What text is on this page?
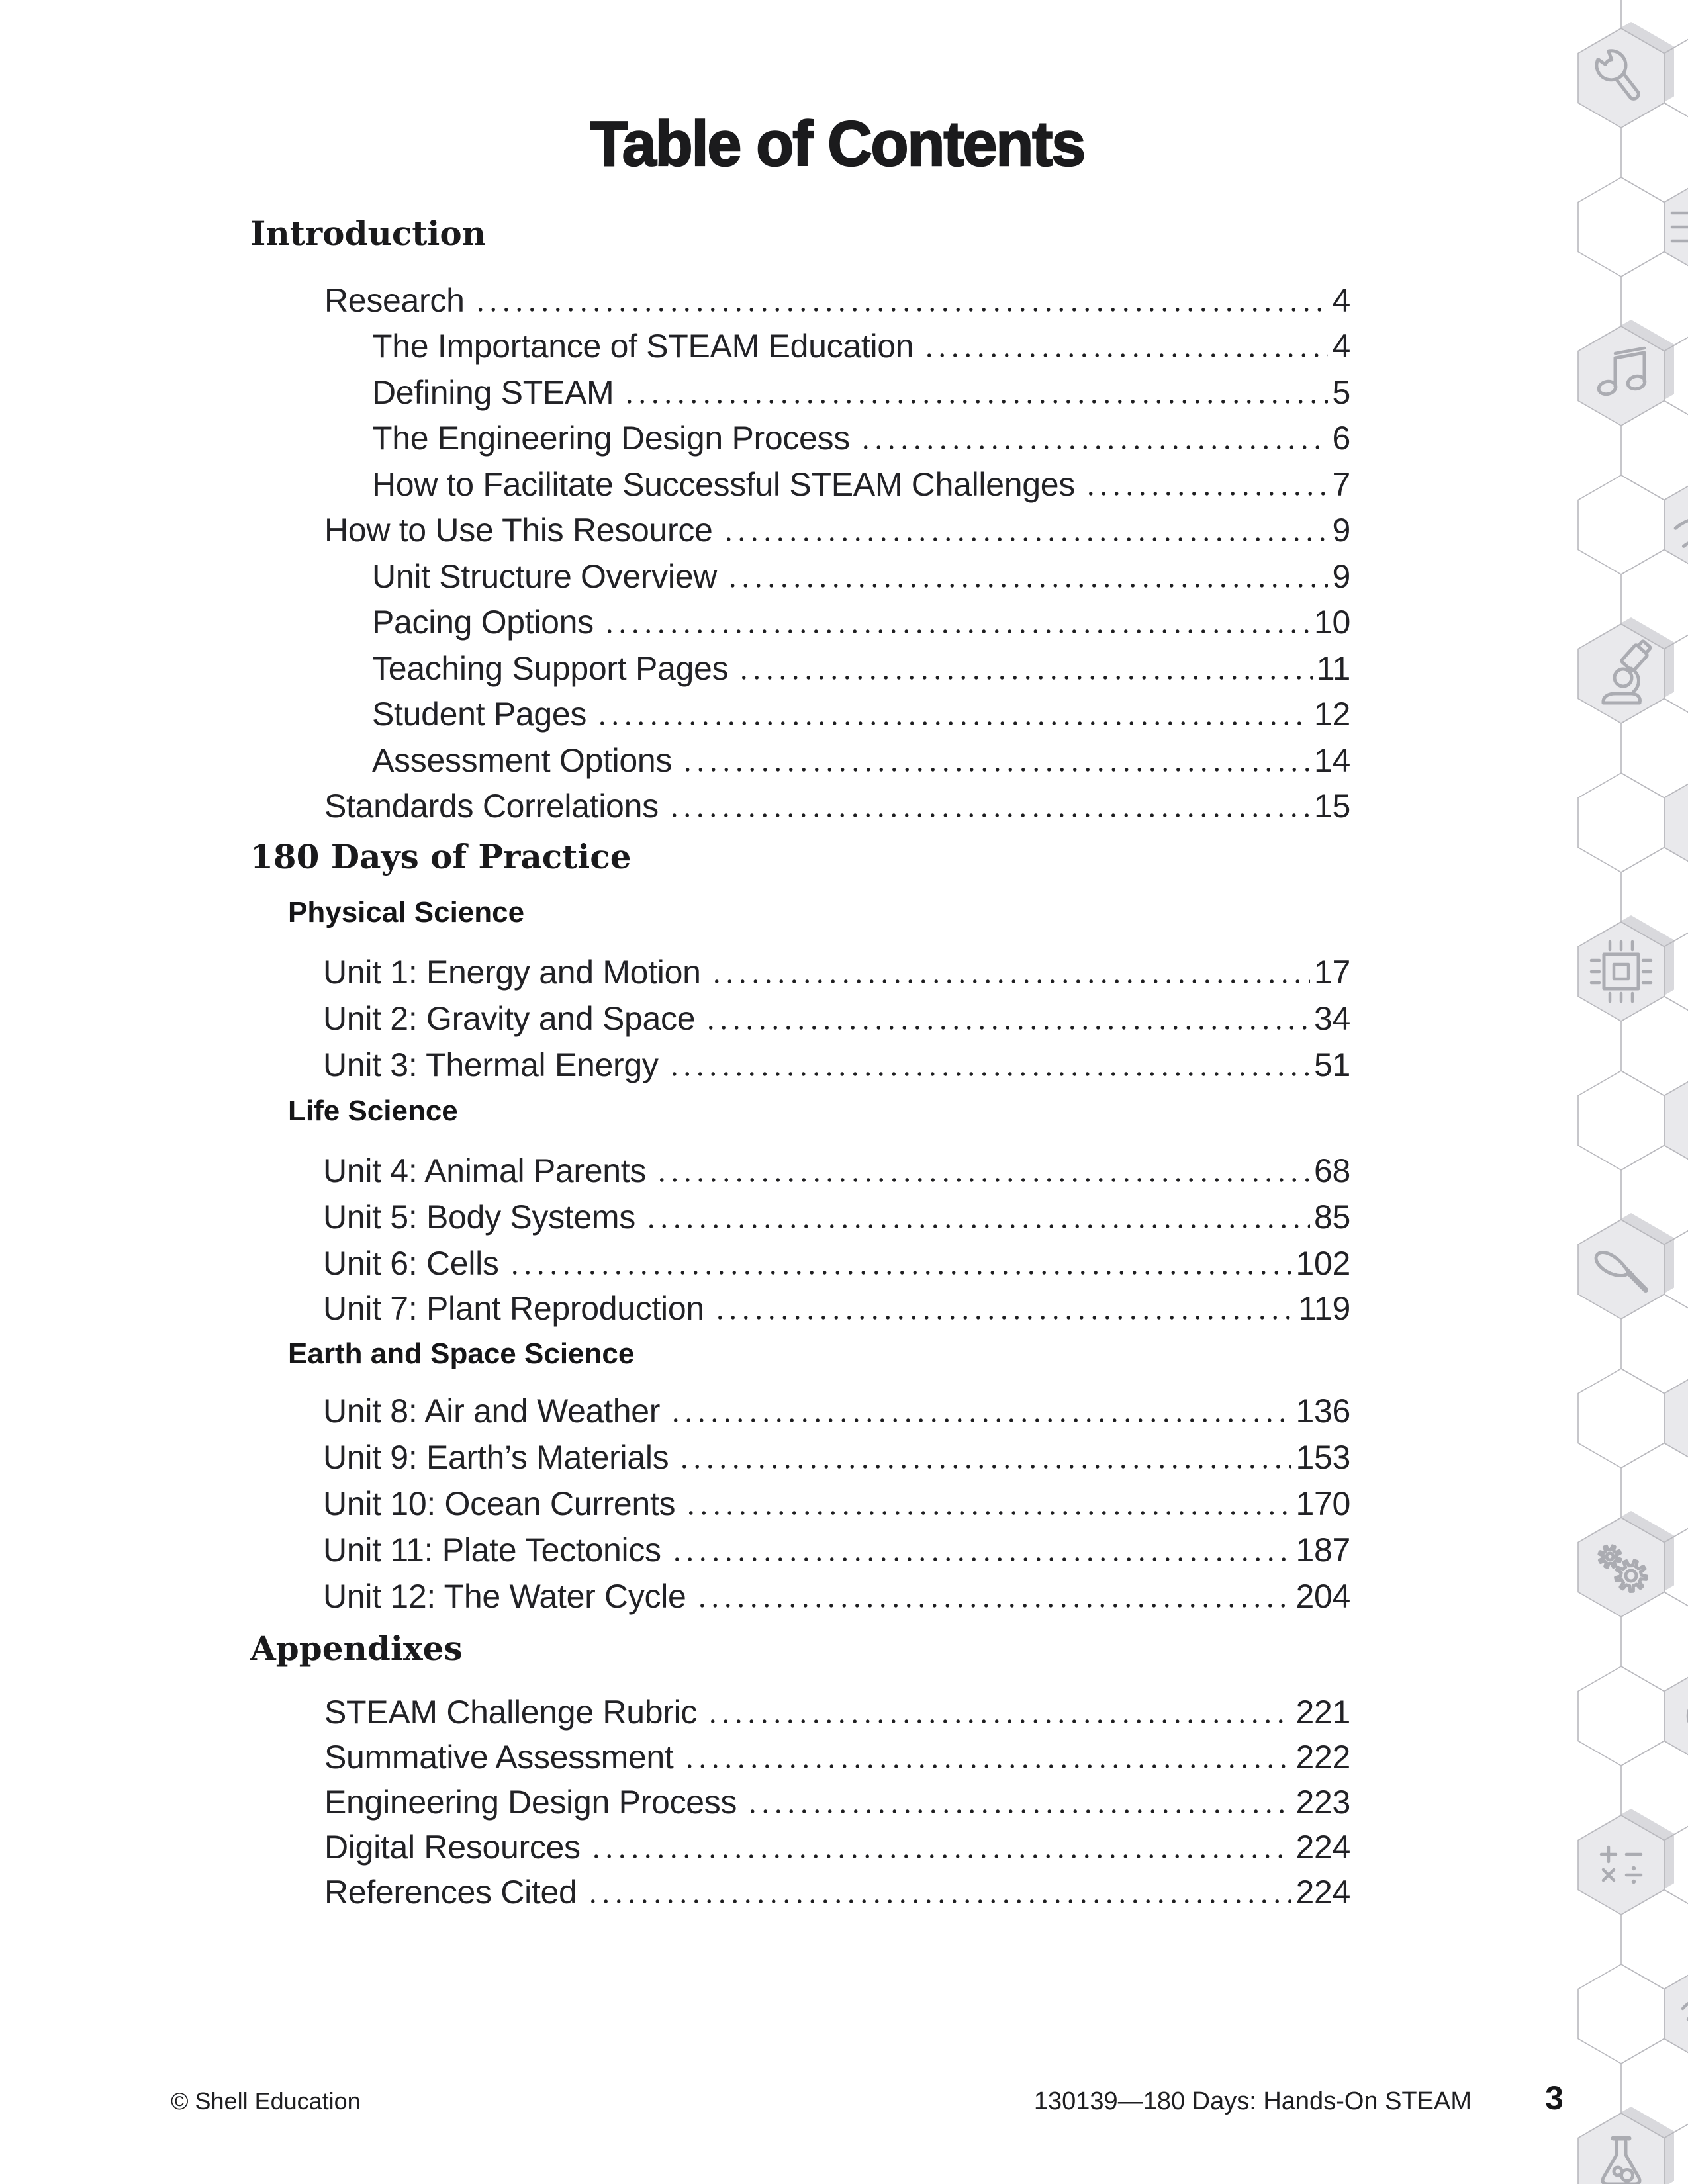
Table of Contents
Introduction
Research	4
The Importance of STEAM Education	4
Defining STEAM	5
The Engineering Design Process	6
How to Facilitate Successful STEAM Challenges	7
How to Use This Resource	9
Unit Structure Overview	9
Pacing Options	10
Teaching Support Pages	11
Student Pages	12
Assessment Options	14
Standards Correlations	15
180 Days of Practice
Physical Science
Unit 1: Energy and Motion	17
Unit 2: Gravity and Space	34
Unit 3: Thermal Energy	51
Life Science
Unit 4: Animal Parents	68
Unit 5: Body Systems	85
Unit 6: Cells	102
Unit 7: Plant Reproduction	119
Earth and Space Science
Unit 8: Air and Weather	136
Unit 9: Earth’s Materials	153
Unit 10: Ocean Currents	170
Unit 11: Plate Tectonics	187
Unit 12: The Water Cycle	204
Appendixes
STEAM Challenge Rubric	221
Summative Assessment	222
Engineering Design Process	223
Digital Resources	224
References Cited	224
© Shell Education	130139—180 Days: Hands-On STEAM	3
